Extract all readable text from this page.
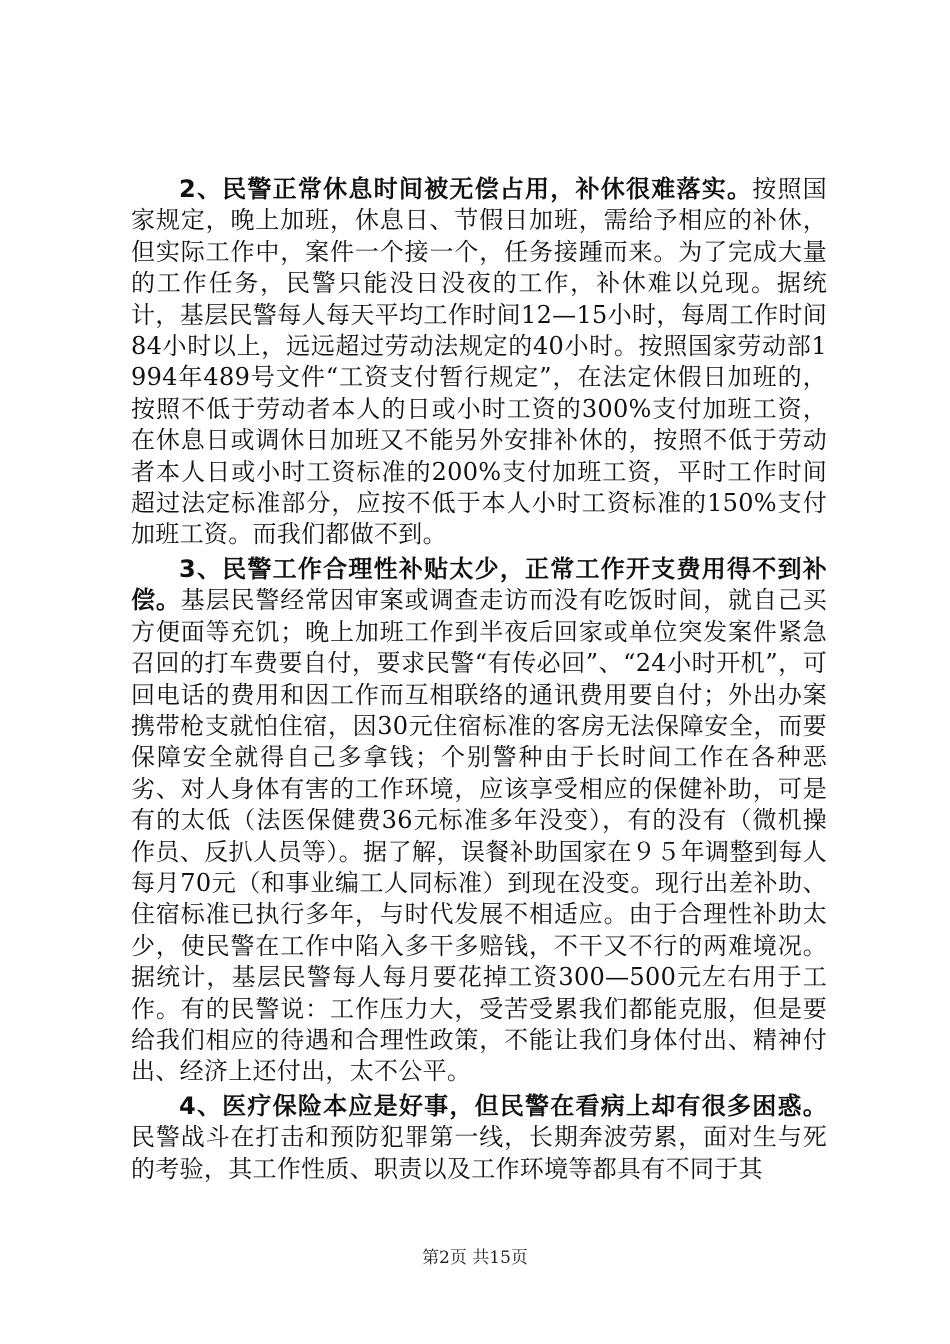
2、民警正常休息时间被无偿占用，补休很难落实。按照国家规定，晚上加班，休息日、节假日加班，需给予相应的补休，但实际工作中，案件一个接一个，任务接踵而来。为了完成大量的工作任务，民警只能没日没夜的工作，补休难以兑现。据统计，基层民警每人每天平均工作时间12—15小时，每周工作时间84小时以上，远远超过劳动法规定的40小时。按照国家劳动部1994年489号文件“工资支付暂行规定”，在法定休假日加班的，按照不低于劳动者本人的日或小时工资的300%支付加班工资，在休息日或调休日加班又不能另外安排补休的，按照不低于劳动者本人日或小时工资标准的200%支付加班工资，平时工作时间超过法定标准部分，应按不低于本人小时工资标准的150%支付加班工资。而我们都做不到。

3、民警工作合理性补贴太少，正常工作开支费用得不到补偿。基层民警经常因审案或调查走访而没有吃饭时间，就自己买方便面等充饥；晚上加班工作到半夜后回家或单位突发案件紧急召回的打车费要自付，要求民警“有传必回”、“24小时开机”，可回电话的费用和因工作而互相联络的通讯费用要自付；外出办案携带枪支就怕住宿，因30元住宿标准的客房无法保障安全，而要保障安全就得自己多拿钱；个别警种由于长时间工作在各种恶劣、对人身体有害的工作环境，应该享受相应的保健补助，可是有的太低（法医保健费36元标准多年没变），有的没有（微机操作员、反扒人员等）。据了解，误餐补助国家在９５年调整到每人每月70元（和事业编工人同标准）到现在没变。现行出差补助、住宿标准已执行多年，与时代发展不相适应。由于合理性补助太少，使民警在工作中陷入多干多赔钱，不干又不行的两难境况。据统计，基层民警每人每月要花掉工资300—500元左右用于工作。有的民警说：工作压力大，受苦受累我们都能克服，但是要给我们相应的待遇和合理性政策，不能让我们身体付出、精神付出、经济上还付出，太不公平。

4、医疗保险本应是好事，但民警在看病上却有很多困惑。民警战斗在打击和预防犯罪第一线，长期奔波劳累，面对生与死的考验，其工作性质、职责以及工作环境等都具有不同于其

第2页 共15页
